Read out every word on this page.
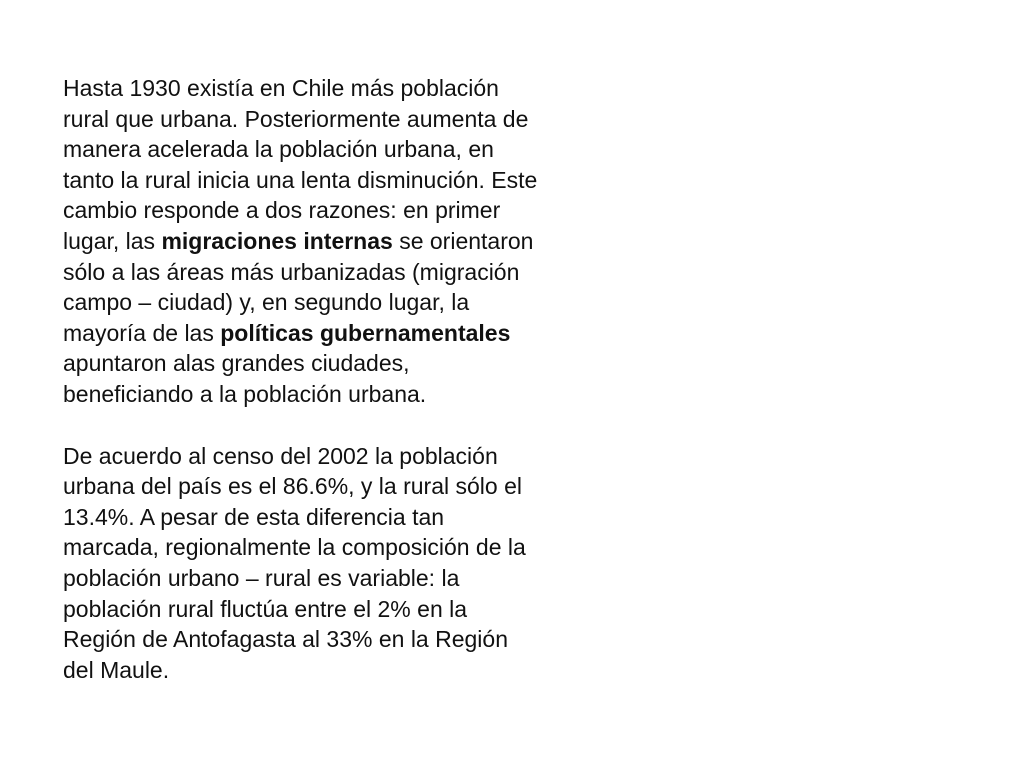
Hasta 1930 existía en Chile más población
rural que urbana. Posteriormente aumenta de
manera acelerada la población urbana, en
tanto la rural inicia una lenta disminución. Este
cambio responde a dos razones: en primer
lugar, las migraciones internas se orientaron
sólo a las áreas más urbanizadas (migración
campo – ciudad) y, en segundo lugar, la
mayoría de las políticas gubernamentales
apuntaron alas grandes ciudades,
beneficiando a la población urbana.

De acuerdo al censo del 2002 la población
urbana del país es el 86.6%, y la rural sólo el
13.4%. A pesar de esta diferencia tan
marcada, regionalmente la composición de la
población urbano – rural es variable: la
población rural fluctúa entre el 2% en la
Región de Antofagasta al 33% en la Región
del Maule.
